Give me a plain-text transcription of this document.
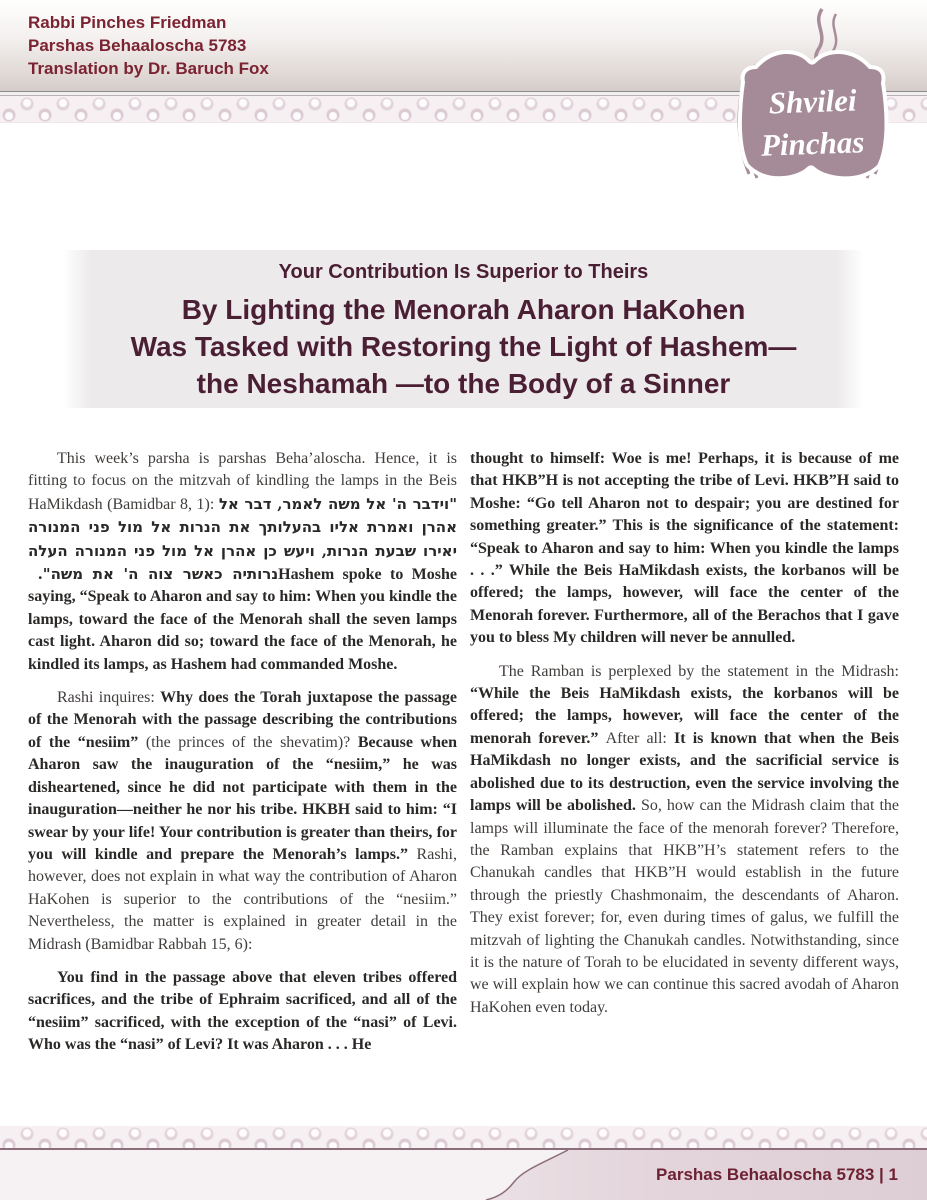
Rabbi Pinches Friedman
Parshas Behaaloscha 5783
Translation by Dr. Baruch Fox
Shvilei
Pinchas
Your Contribution Is Superior to Theirs
By Lighting the Menorah Aharon HaKohen
Was Tasked with Restoring the Light of Hashem—
the Neshamah —to the Body of a Sinner

This week’s parsha is parshas Beha’aloscha. Hence, it is fitting to focus on the mitzvah of kindling the lamps in the Beis HaMikdash (Bamidbar 8, 1): "וידבר ה' אל משה לאמר, דבר אל אהרן ואמרת אליו בהעלותך את הנרות אל מול פני המנורה יאירו שבעת הנרות, ויעש כן אהרן אל מול פני המנורה העלה נרותיה כאשר צוה ה' את משה". Hashem spoke to Moshe saying, “Speak to Aharon and say to him: When you kindle the lamps, toward the face of the Menorah shall the seven lamps cast light. Aharon did so; toward the face of the Menorah, he kindled its lamps, as Hashem had commanded Moshe.

Rashi inquires: Why does the Torah juxtapose the passage of the Menorah with the passage describing the contributions of the “nesiim” (the princes of the shevatim)? Because when Aharon saw the inauguration of the “nesiim,” he was disheartened, since he did not participate with them in the inauguration—neither he nor his tribe. HKBH said to him: “I swear by your life! Your contribution is greater than theirs, for you will kindle and prepare the Menorah’s lamps.” Rashi, however, does not explain in what way the contribution of Aharon HaKohen is superior to the contributions of the “nesiim.” Nevertheless, the matter is explained in greater detail in the Midrash (Bamidbar Rabbah 15, 6):

You find in the passage above that eleven tribes offered sacrifices, and the tribe of Ephraim sacrificed, and all of the “nesiim” sacrificed, with the exception of the “nasi” of Levi. Who was the “nasi” of Levi? It was Aharon . . . He

thought to himself: Woe is me! Perhaps, it is because of me that HKB”H is not accepting the tribe of Levi. HKB”H said to Moshe: “Go tell Aharon not to despair; you are destined for something greater.” This is the significance of the statement: “Speak to Aharon and say to him: When you kindle the lamps . . .” While the Beis HaMikdash exists, the korbanos will be offered; the lamps, however, will face the center of the Menorah forever. Furthermore, all of the Berachos that I gave you to bless My children will never be annulled.

The Ramban is perplexed by the statement in the Midrash: “While the Beis HaMikdash exists, the korbanos will be offered; the lamps, however, will face the center of the menorah forever.” After all: It is known that when the Beis HaMikdash no longer exists, and the sacrificial service is abolished due to its destruction, even the service involving the lamps will be abolished. So, how can the Midrash claim that the lamps will illuminate the face of the menorah forever? Therefore, the Ramban explains that HKB”H’s statement refers to the Chanukah candles that HKB”H would establish in the future through the priestly Chashmonaim, the descendants of Aharon. They exist forever; for, even during times of galus, we fulfill the mitzvah of lighting the Chanukah candles. Notwithstanding, since it is the nature of Torah to be elucidated in seventy different ways, we will explain how we can continue this sacred avodah of Aharon HaKohen even today.

Parshas Behaaloscha 5783 | 1
